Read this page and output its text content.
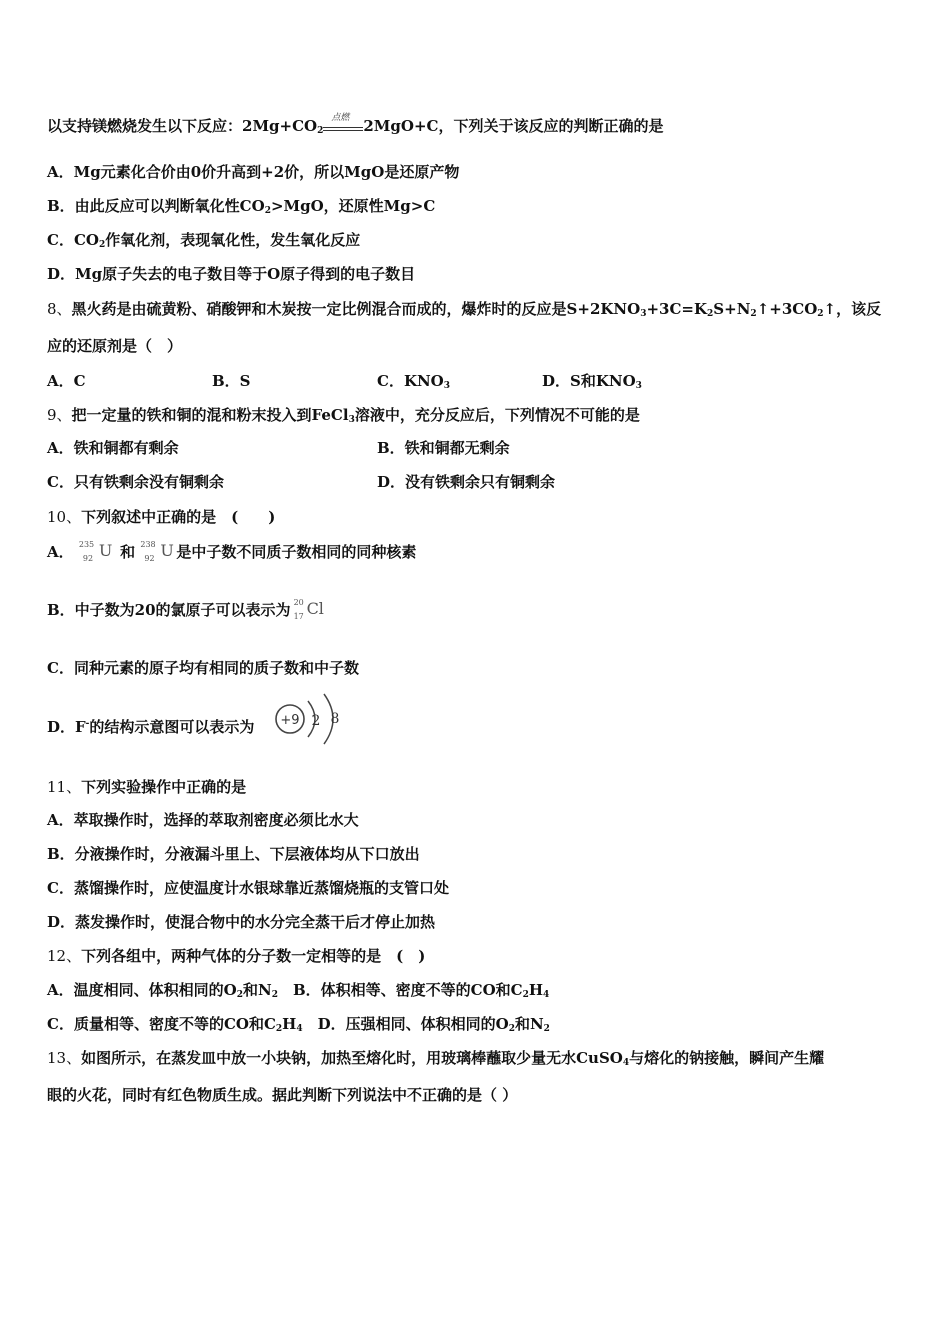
以支持镁燃烧发生以下反应：$2Mg+CO_2$
点燃 2MgO+C，下列关于该反应的判断正确的是
A．Mg元素化合价由0价升高到+2价，所以MgO是还原产物
B．由此反应可以判断氧化性$CO_2>MgO$，还原性Mg>C
C．$CO_2$作氧化剂，表现氧化性，发生氧化反应
D．Mg原子失去的电子数目等于O原子得到的电子数目
8、黑火药是由硫黄粉、硝酸钾和木炭按一定比例混合而成的，爆炸时的反应是$S+2KNO_3+3C=K_2S+N_2↑+3CO_2↑$，该反
应的还原剂是（　）
A．C	B．S	C．$KNO_3$	D．S和$KNO_3$
9、把一定量的铁和铜的混和粉末投入到FeCl$_3$溶液中，充分反应后，下列情况不可能的是
A．铁和铜都有剩余	B．铁和铜都无剩余
C．只有铁剩余没有铜剩余	D．没有铁剩余只有铜剩余
10、下列叙述中正确的是　(　　)
A． 235
92 U 和 238
92 U 是中子数不同质子数相同的同种核素
B．中子数为20的氯原子可以表示为 20
17 Cl
C．同种元素的原子均有相同的质子数和中子数
D．F-的结构示意图可以表示为 +9 2 8
11、下列实验操作中正确的是
A．萃取操作时，选择的萃取剂密度必须比水大
B．分液操作时，分液漏斗里上、下层液体均从下口放出
C．蒸馏操作时，应使温度计水银球靠近蒸馏烧瓶的支管口处
D．蒸发操作时，使混合物中的水分完全蒸干后才停止加热
12、下列各组中，两种气体的分子数一定相等的是　(　)
A．温度相同、体积相同的$O_2$和$N_2$　B．体积相等、密度不等的CO和$C_2H_4$
C．质量相等、密度不等的CO和$C_2H_4$　D．压强相同、体积相同的$O_2$和$N_2$
13、如图所示，在蒸发皿中放一小块钠，加热至熔化时，用玻璃棒蘸取少量无水CuSO$_4$与熔化的钠接触，瞬间产生耀
眼的火花，同时有红色物质生成。据此判断下列说法中不正确的是（ ）
